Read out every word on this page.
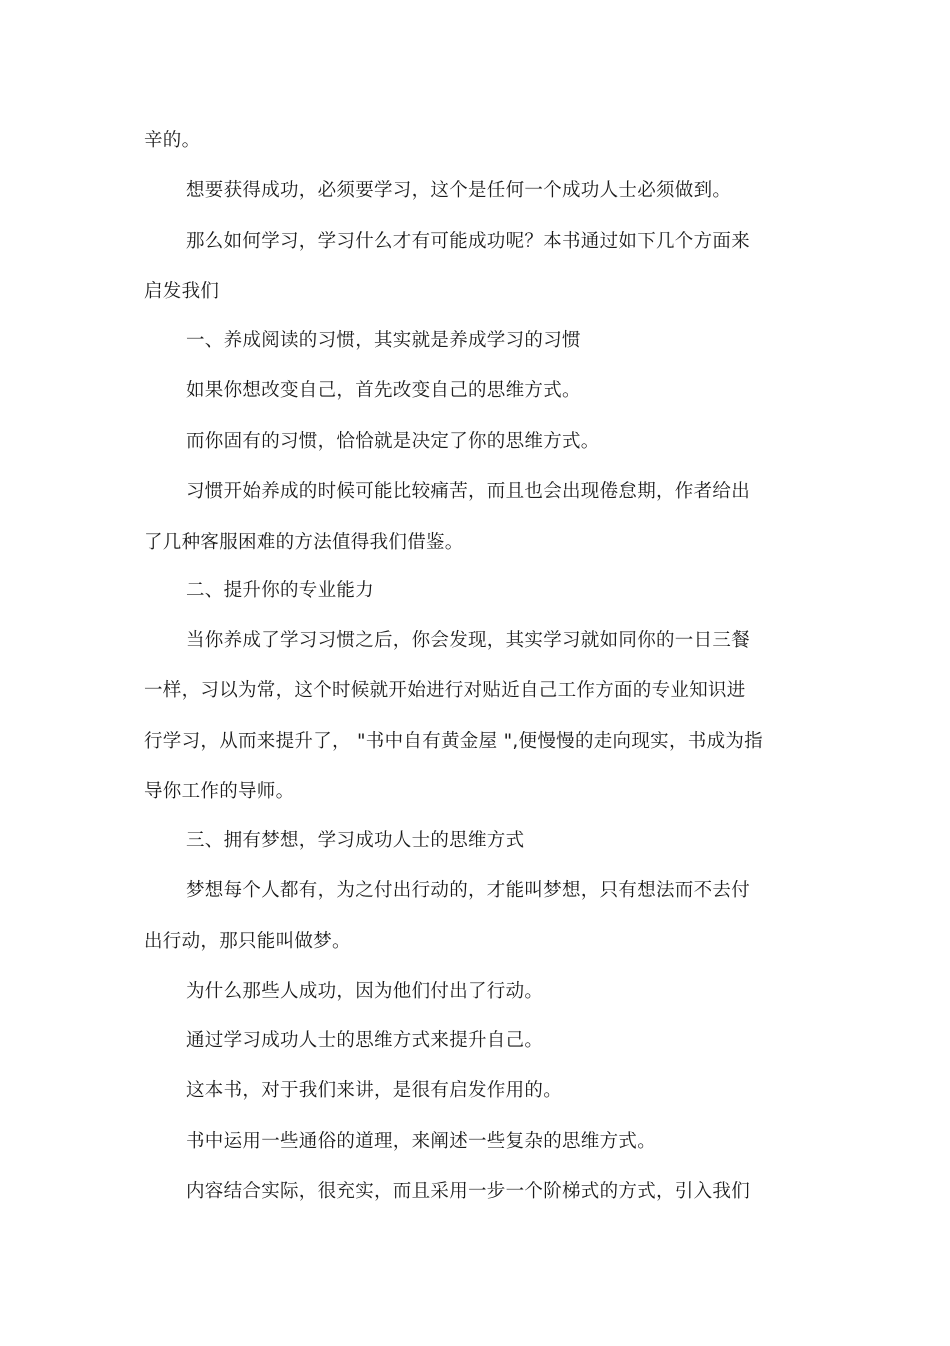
辛的。
想要获得成功，必须要学习，这个是任何一个成功人士必须做到。
那么如何学习，学习什么才有可能成功呢？本书通过如下几个方面来
启发我们
一、养成阅读的习惯，其实就是养成学习的习惯
如果你想改变自己，首先改变自己的思维方式。
而你固有的习惯，恰恰就是决定了你的思维方式。
习惯开始养成的时候可能比较痛苦，而且也会出现倦怠期，作者给出
了几种客服困难的方法值得我们借鉴。
二、提升你的专业能力
当你养成了学习习惯之后，你会发现，其实学习就如同你的一日三餐
一样，习以为常，这个时候就开始进行对贴近自己工作方面的专业知识进
行学习，从而来提升了， "书中自有黄金屋 ",便慢慢的走向现实，书成为指
导你工作的导师。
三、拥有梦想，学习成功人士的思维方式
梦想每个人都有，为之付出行动的，才能叫梦想，只有想法而不去付
出行动，那只能叫做梦。
为什么那些人成功，因为他们付出了行动。
通过学习成功人士的思维方式来提升自己。
这本书，对于我们来讲，是很有启发作用的。
书中运用一些通俗的道理，来阐述一些复杂的思维方式。
内容结合实际，很充实，而且采用一步一个阶梯式的方式，引入我们
